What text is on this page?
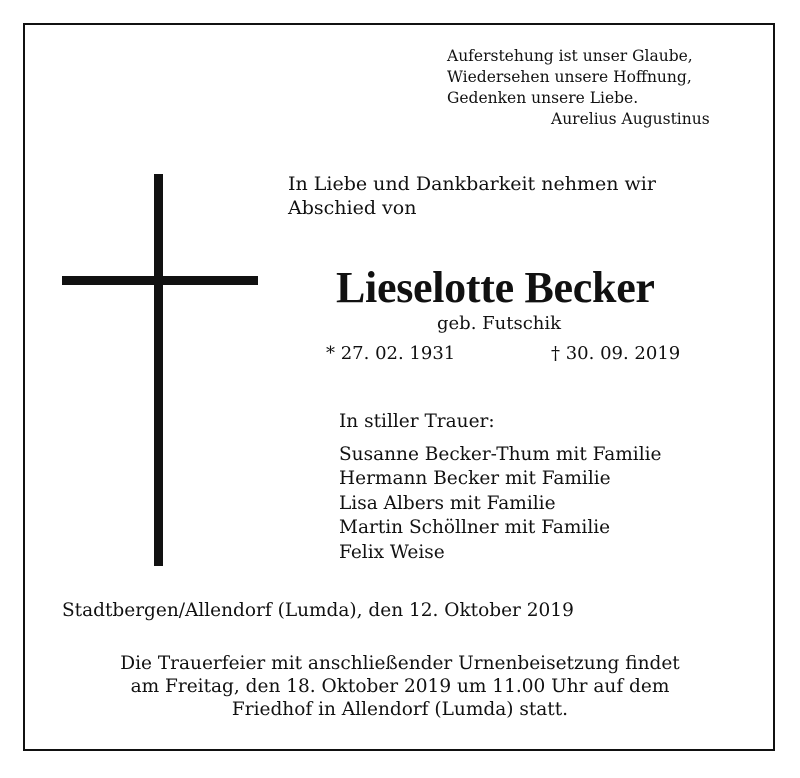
Auferstehung ist unser Glaube,
Wiedersehen unsere Hoffnung,
Gedenken unsere Liebe.
Aurelius Augustinus
In Liebe und Dankbarkeit nehmen wir
Abschied von
Lieselotte Becker
geb. Futschik
* 27. 02. 1931	† 30. 09. 2019
In stiller Trauer:
Susanne Becker-Thum mit Familie
Hermann Becker mit Familie
Lisa Albers mit Familie
Martin Schöllner mit Familie
Felix Weise
Stadtbergen/Allendorf (Lumda), den 12. Oktober 2019
Die Trauerfeier mit anschließender Urnenbeisetzung findet
am Freitag, den 18. Oktober 2019 um 11.00 Uhr auf dem
Friedhof in Allendorf (Lumda) statt.
